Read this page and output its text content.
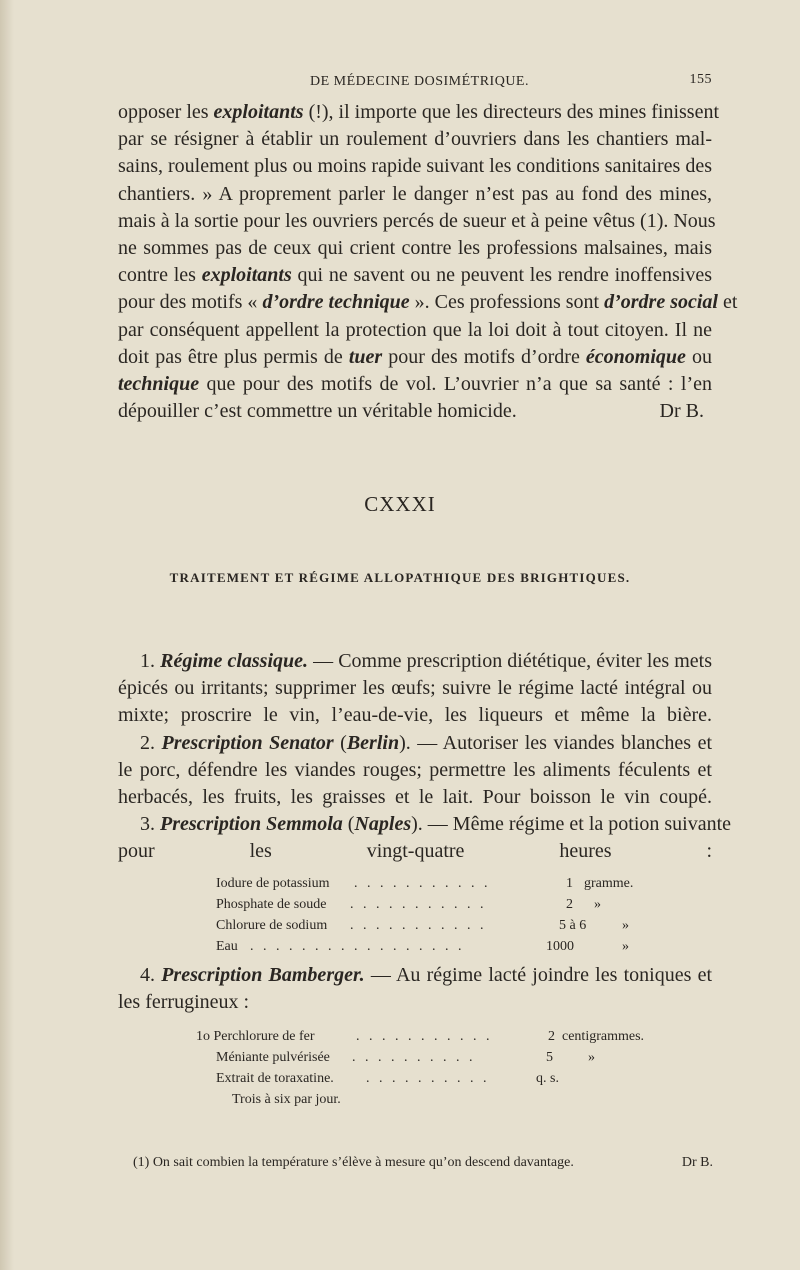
DE MÉDECINE DOSIMÉTRIQUE.	155
opposer les exploitants (!), il importe que les directeurs des mines finissent
par se résigner à établir un roulement d’ouvriers dans les chantiers mal-
sains, roulement plus ou moins rapide suivant les conditions sanitaires des
chantiers. » A proprement parler le danger n’est pas au fond des mines,
mais à la sortie pour les ouvriers percés de sueur et à peine vêtus (1). Nous
ne sommes pas de ceux qui crient contre les professions malsaines, mais
contre les exploitants qui ne savent ou ne peuvent les rendre inoffensives
pour des motifs « d’ordre technique ». Ces professions sont d’ordre social et
par conséquent appellent la protection que la loi doit à tout citoyen. Il ne
doit pas être plus permis de tuer pour des motifs d’ordre économique ou
technique que pour des motifs de vol. L’ouvrier n’a que sa santé : l’en
dépouiller c’est commettre un véritable homicide.	Dr B.
CXXXI
TRAITEMENT ET RÉGIME ALLOPATHIQUE DES BRIGHTIQUES.
1. Régime classique. — Comme prescription diététique, éviter les mets
épicés ou irritants; supprimer les œufs; suivre le régime lacté intégral ou
mixte; proscrire le vin, l’eau-de-vie, les liqueurs et même la bière.
2. Prescription Senator (Berlin). — Autoriser les viandes blanches et
le porc, défendre les viandes rouges; permettre les aliments féculents et
herbacés, les fruits, les graisses et le lait. Pour boisson le vin coupé.
3. Prescription Semmola (Naples). — Même régime et la potion suivante
pour les vingt-quatre heures :
Iodure de potassium . . . . . . . . . . .	1 gramme.
Phosphate de soude . . . . . . . . . . .	2 »
Chlorure de sodium . . . . . . . . . . .	5 à 6	»
Eau . . . . . . . . . . . . . . . . .	1000	»
4. Prescription Bamberger. — Au régime lacté joindre les toniques et
les ferrugineux :
1o Perchlorure de fer	. . . . . . . . . . .	2 centigrammes.
Méniante pulvérisée . . . . . . . . . .	5	»
Extrait de toraxatine. . . . . . . . . . .	q. s.
Trois à six par jour.
(1) On sait combien la température s’élève à mesure qu’on descend davantage.	Dr B.
